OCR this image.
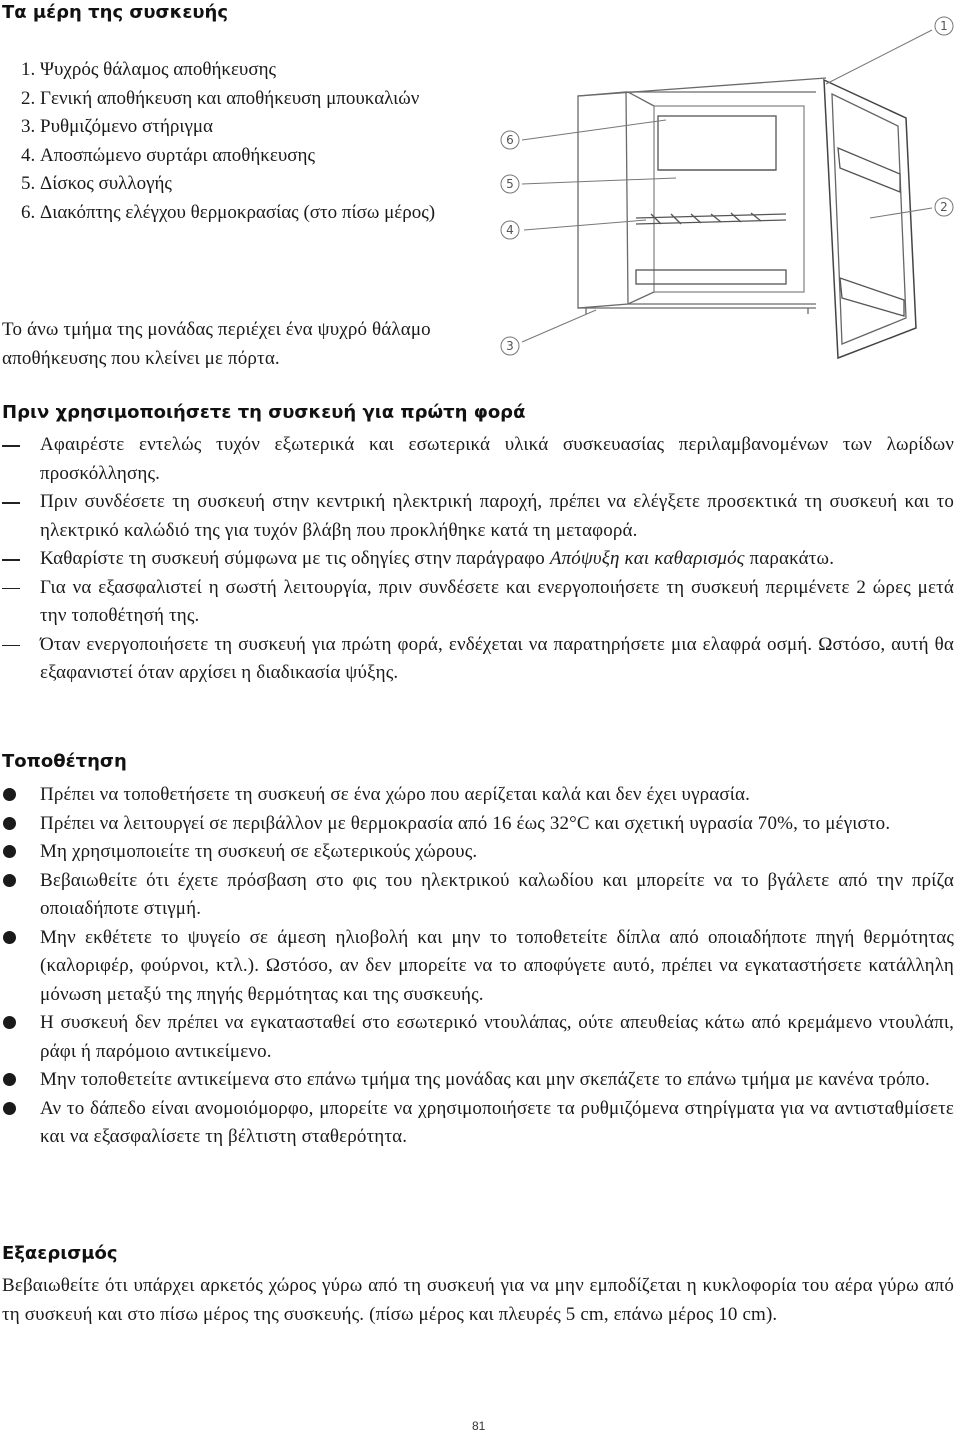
Τα μέρη της συσκευής
1. Ψυχρός θάλαμος αποθήκευσης
2. Γενική αποθήκευση και αποθήκευση μπουκαλιών
3. Ρυθμιζόμενο στήριγμα
4. Αποσπώμενο συρτάρι αποθήκευσης
5. Δίσκος συλλογής
6. Διακόπτης ελέγχου θερμοκρασίας (στο πίσω μέρος)

Το άνω τμήμα της μονάδας περιέχει ένα ψυχρό θάλαμο αποθήκευσης που κλείνει με πόρτα.

1
2
3
4
5
6
Πριν χρησιμοποιήσετε τη συσκευή για πρώτη φορά
Αφαιρέστε εντελώς τυχόν εξωτερικά και εσωτερικά υλικά συσκευασίας περιλαμβανομένων των λωρίδων προσκόλλησης.
Πριν συνδέσετε τη συσκευή στην κεντρική ηλεκτρική παροχή, πρέπει να ελέγξετε προσεκτικά τη συσκευή και το ηλεκτρικό καλώδιό της για τυχόν βλάβη που προκλήθηκε κατά τη μεταφορά.
Καθαρίστε τη συσκευή σύμφωνα με τις οδηγίες στην παράγραφο Απόψυξη και καθαρισμός παρακάτω.
Για να εξασφαλιστεί η σωστή λειτουργία, πριν συνδέσετε και ενεργοποιήσετε τη συσκευή περιμένετε 2 ώρες μετά την τοποθέτησή της.
Όταν ενεργοποιήσετε τη συσκευή για πρώτη φορά, ενδέχεται να παρατηρήσετε μια ελαφρά οσμή. Ωστόσο, αυτή θα εξαφανιστεί όταν αρχίσει η διαδικασία ψύξης.
Τοποθέτηση
Πρέπει να τοποθετήσετε τη συσκευή σε ένα χώρο που αερίζεται καλά και δεν έχει υγρασία.
Πρέπει να λειτουργεί σε περιβάλλον με θερμοκρασία από 16 έως 32°C και σχετική υγρασία 70%, το μέγιστο.
Μη χρησιμοποιείτε τη συσκευή σε εξωτερικούς χώρους.
Βεβαιωθείτε ότι έχετε πρόσβαση στο φις του ηλεκτρικού καλωδίου και μπορείτε να το βγάλετε από την πρίζα οποιαδήποτε στιγμή.
Μην εκθέτετε το ψυγείο σε άμεση ηλιοβολή και μην το τοποθετείτε δίπλα από οποιαδήποτε πηγή θερμότητας (καλοριφέρ, φούρνοι, κτλ.). Ωστόσο, αν δεν μπορείτε να το αποφύγετε αυτό, πρέπει να εγκαταστήσετε κατάλληλη μόνωση μεταξύ της πηγής θερμότητας και της συσκευής.
Η συσκευή δεν πρέπει να εγκατασταθεί στο εσωτερικό ντουλάπας, ούτε απευθείας κάτω από κρεμάμενο ντουλάπι, ράφι ή παρόμοιο αντικείμενο.
Μην τοποθετείτε αντικείμενα στο επάνω τμήμα της μονάδας και μην σκεπάζετε το επάνω τμήμα με κανένα τρόπο.
Αν το δάπεδο είναι ανομοιόμορφο, μπορείτε να χρησιμοποιήσετε τα ρυθμιζόμενα στηρίγματα για να αντισταθμίσετε και να εξασφαλίσετε τη βέλτιστη σταθερότητα.
Εξαερισμός

Βεβαιωθείτε ότι υπάρχει αρκετός χώρος γύρω από τη συσκευή για να μην εμποδίζεται η κυκλοφορία του αέρα γύρω από τη συσκευή και στο πίσω μέρος της συσκευής. (πίσω μέρος και πλευρές 5 cm, επάνω μέρος 10 cm).

81
